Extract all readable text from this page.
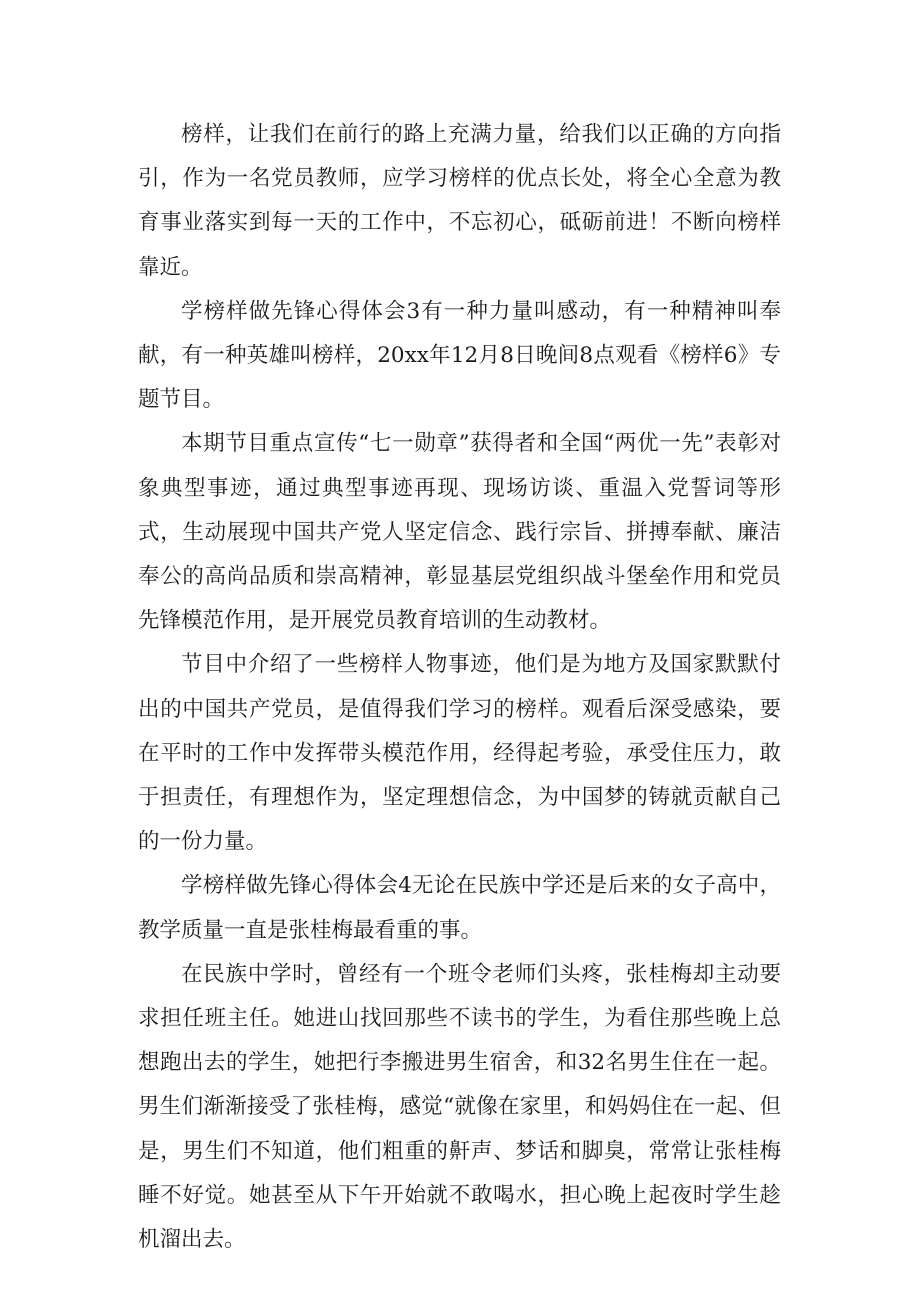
榜样，让我们在前行的路上充满力量，给我们以正确的方向指引，作为一名党员教师，应学习榜样的优点长处，将全心全意为教育事业落实到每一天的工作中，不忘初心，砥砺前进！不断向榜样靠近。

学榜样做先锋心得体会3有一种力量叫感动，有一种精神叫奉献，有一种英雄叫榜样，20xx年12月8日晚间8点观看《榜样6》专题节目。

本期节目重点宣传“七一勋章”获得者和全国“两优一先”表彰对象典型事迹，通过典型事迹再现、现场访谈、重温入党誓词等形式，生动展现中国共产党人坚定信念、践行宗旨、拼搏奉献、廉洁奉公的高尚品质和崇高精神，彰显基层党组织战斗堡垒作用和党员先锋模范作用，是开展党员教育培训的生动教材。

节目中介绍了一些榜样人物事迹，他们是为地方及国家默默付出的中国共产党员，是值得我们学习的榜样。观看后深受感染，要在平时的工作中发挥带头模范作用，经得起考验，承受住压力，敢于担责任，有理想作为，坚定理想信念，为中国梦的铸就贡献自己的一份力量。

学榜样做先锋心得体会4无论在民族中学还是后来的女子高中，教学质量一直是张桂梅最看重的事。

在民族中学时，曾经有一个班令老师们头疼，张桂梅却主动要求担任班主任。她进山找回那些不读书的学生，为看住那些晚上总想跑出去的学生，她把行李搬进男生宿舍，和32名男生住在一起。男生们渐渐接受了张桂梅，感觉“就像在家里，和妈妈住在一起、但是，男生们不知道，他们粗重的鼾声、梦话和脚臭，常常让张桂梅睡不好觉。她甚至从下午开始就不敢喝水，担心晚上起夜时学生趁机溜出去。
